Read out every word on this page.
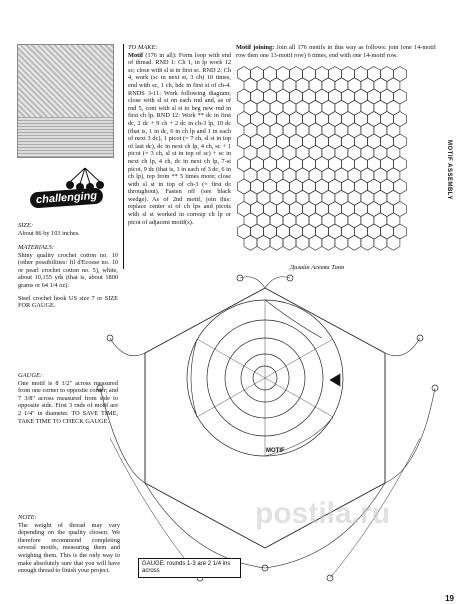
challenging
SIZE:
About 86 by 103 inches.
MATERIALS:
Shiny quality crochet cotton no. 10 (other possibilities: fil d'Ecosse no. 10 or pearl crochet cotton no. 5), white, about 10,155 yds (that is, about 1800 grams or 64 1/4 oz).
Steel crochet hook US size 7 or SIZE FOR GAUGE.
GAUGE:
One motif is 8 1/2" across measured from one corner to opposite corner; and 7 3/8" across measured from side to opposite side. First 3 rnds of motif are 2 1/4" in diameter. TO SAVE TIME, TAKE TIME TO CHECK GAUGE.
NOTE:
The weight of thread may vary depending on the quality chosen. We therefore recommend completing several motifs, measuring them and weighing them. This is the only way to make absolutely sure that you will have enough thread to finish your project.
TO MAKE:
Motif (176 in all): Form loop with end of thread. RND 1: Ch 1, in lp work 12 sc; close with sl st in first sc. RND 2: Ch 4, work (sc in next st, 3 ch) 10 times, end with sc, 1 ch, hdc in first st of ch-4. RNDS 3-11: Work following diagram; close with sl st on each rnd and, as of rnd 5, cont with sl st to beg new rnd in first ch lp. RND 12: Work ** dc in first dc, 2 dc + 9 ch + 2 dc in ch-3 lp, 10 dc (that is, 1 in dc, 6 in ch lp and 1 in each of next 3 dc), 1 picot (= 7 ch, sl st in top of last dc), dc in next ch lp, 4 ch, sc + 1 picot (= 3 ch, sl st in top of sc) + sc in next ch lp, 4 ch, dc in next ch lp, 7-st picot, 9 dc (that is, 1 in each of 3 dc, 6 in ch lp), rep from ** 5 times more; close with sl st in top of ch-3 (= first dc throughout). Fasten off (see black wedge). As of 2nd motif, join this: replace center st of ch lps and picots with sl st worked in corresp ch lp or picot of adjacent motif(s).
Motif joining: Join all 176 motifs in this way as follows: join (one 14-motif row then one 13-motif row) 6 times, end with one 14-motif row.
MOTIF ASSEMBLY
Дизайн Агеева Таня
MOTIF
GAUGE: rounds 1-3 are 2 1/4 ins across
postila.ru
19
